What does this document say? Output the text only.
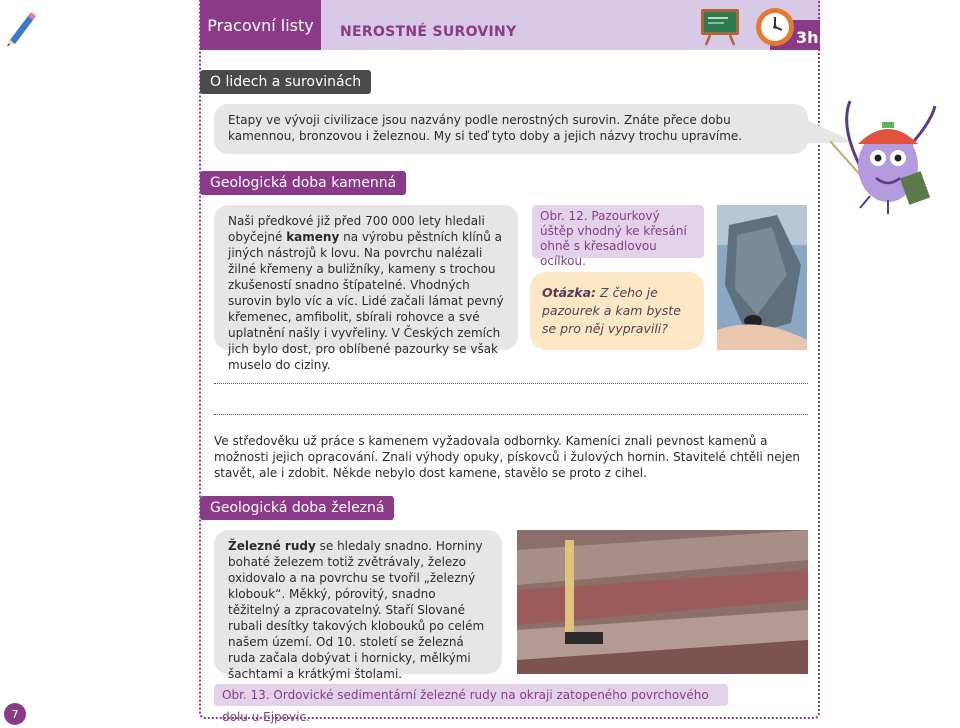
Pracovní listy NEROSTNÉ SUROVINY	3h
O lidech a surovinách
Etapy ve vývoji civilizace jsou nazvány podle nerostných surovin. Znáte přece dobu kamennou, bronzovou i železnou. My si teď tyto doby a jejich názvy trochu upravíme.
Geologická doba kamenná
Naši předkové již před 700 000 lety hledali obyčejné kameny na výrobu pěstních klínů a jiných nástrojů k lovu. Na povrchu nalézali žilné křemeny a buližníky, kameny s trochou zkušeností snadno štípatelné. Vhodných surovin bylo víc a víc. Lidé začali lámat pevný křemenec, amfibolit, sbírali rohovce a své uplatnění našly i vyvřeliny. V Českých zemích jich bylo dost, pro oblíbené pazourky se však muselo do ciziny.
Obr. 12. Pazourkový úštěp vhodný ke křesání ohně s křesadlovou ocílkou.
Otázka: Z čeho je pazourek a kam byste se pro něj vypravili?
Ve středověku už práce s kamenem vyžadovala odbornky. Kameníci znali pevnost kamenů a možnosti jejich opracování. Znali výhody opuky, pískovců i žulových hornin. Stavitelé chtěli nejen stavět, ale i zdobit. Někde nebylo dost kamene, stavělo se proto z cihel.
Geologická doba železná
Železné rudy se hledaly snadno. Horniny bohaté železem totiž zvětrávaly, železo oxidovalo a na povrchu se tvořil „železný klobouk“. Měkký, pórovitý, snadno těžitelný a zpracovatelný. Staří Slované rubali desítky takových klobouků po celém našem území. Od 10. století se železná ruda začala dobývat i hornicky, mělkými šachtami a krátkými štolami.
Obr. 13. Ordovické sedimentární železné rudy na okraji zatopeného povrchového dolu u Ejpovic.
7
